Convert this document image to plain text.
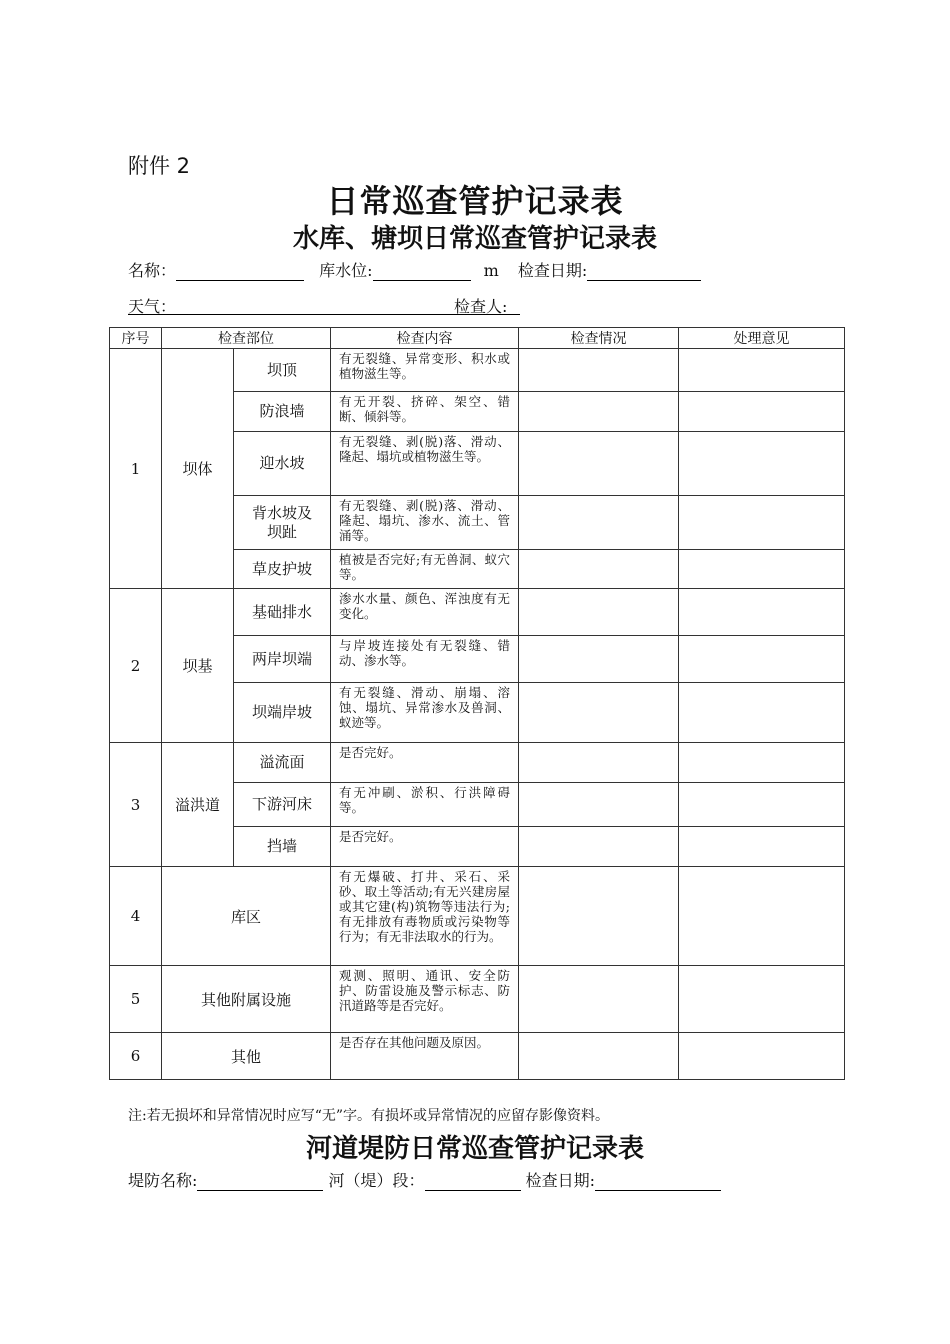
附件 2
日常巡查管护记录表
水库、塘坝日常巡查管护记录表
名称：	库水位:	m 检查日期:
天气：	检查人:
序号	检查部位		检查内容	检查情况	处理意见
1	坝体	坝顶	有无裂缝、异常变形、积水或植物滋生等。		
		防浪墙	有无开裂、挤碎、架空、错断、倾斜等。		
		迎水坡	有无裂缝、剥(脱)落、滑动、隆起、塌坑或植物滋生等。		
		背水坡及坝趾	有无裂缝、剥(脱)落、滑动、隆起、塌坑、渗水、流土、管涌等。		
		草皮护坡	植被是否完好;有无兽洞、蚁穴等。		
2	坝基	基础排水	渗水水量、颜色、浑浊度有无变化。		
		两岸坝端	与岸坡连接处有无裂缝、错动、渗水等。		
		坝端岸坡	有无裂缝、滑动、崩塌、溶蚀、塌坑、异常渗水及兽洞、蚁迹等。		
3	溢洪道	溢流面	是否完好。		
		下游河床	有无冲刷、淤积、行洪障碍等。		
		挡墙	是否完好。		
4	库区		有无爆破、打井、采石、采砂、取土等活动;有无兴建房屋或其它建(构)筑物等违法行为;有无排放有毒物质或污染物等行为；有无非法取水的行为。		
5	其他附属设施		观测、照明、通讯、安全防护、防雷设施及警示标志、防汛道路等是否完好。		
6	其他		是否存在其他问题及原因。		
注:若无损坏和异常情况时应写“无”字。有损坏或异常情况的应留存影像资料。
河道堤防日常巡查管护记录表
堤防名称:	河（堤）段：	检查日期:
